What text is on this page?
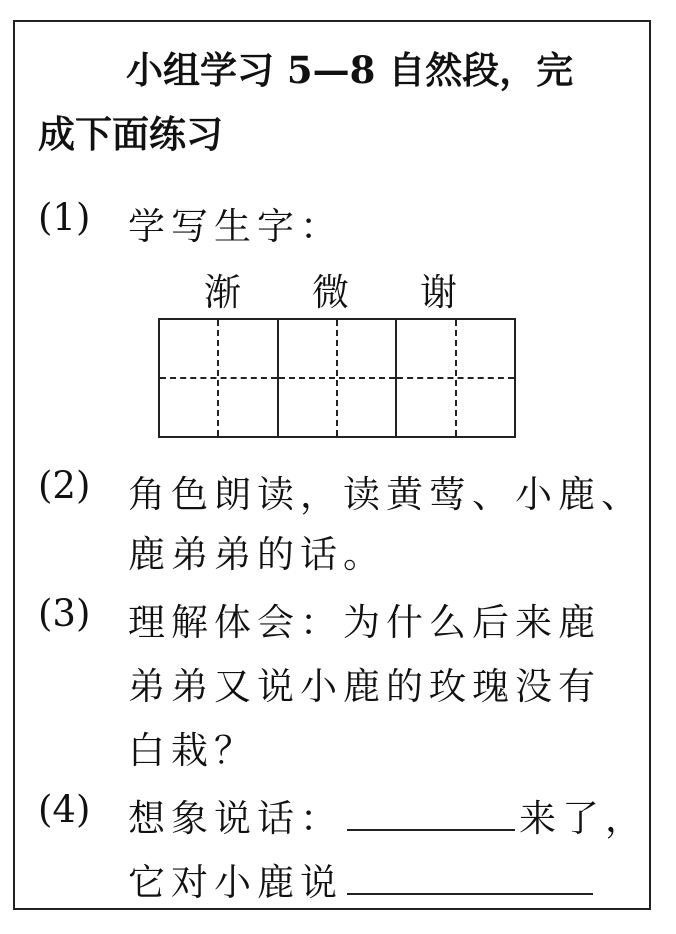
小组学习 5—8 自然段，完
成下面练习
(1) 学写生字：
渐 微 谢
(2) 角色朗读，读黄莺、小鹿、
鹿弟弟的话。
(3) 理解体会：为什么后来鹿
弟弟又说小鹿的玫瑰没有
白栽？
(4) 想象说话：	来了，
它对小鹿说
